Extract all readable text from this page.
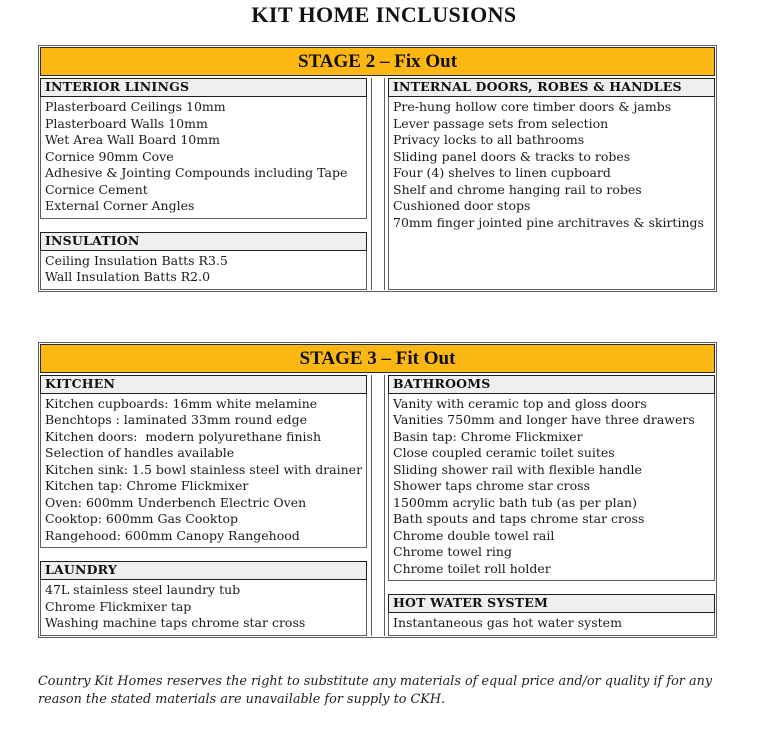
KIT HOME INCLUSIONS
STAGE 2 – Fix Out
INTERIOR LININGS
Plasterboard Ceilings 10mm
Plasterboard Walls 10mm
Wet Area Wall Board 10mm
Cornice 90mm Cove
Adhesive & Jointing Compounds including Tape
Cornice Cement
External Corner Angles
INSULATION
Ceiling Insulation Batts R3.5
Wall Insulation Batts R2.0
INTERNAL DOORS, ROBES & HANDLES
Pre-hung hollow core timber doors & jambs
Lever passage sets from selection
Privacy locks to all bathrooms
Sliding panel doors & tracks to robes
Four (4) shelves to linen cupboard
Shelf and chrome hanging rail to robes
Cushioned door stops
70mm finger jointed pine architraves & skirtings
STAGE 3 – Fit Out
KITCHEN
Kitchen cupboards: 16mm white melamine
Benchtops : laminated 33mm round edge
Kitchen doors:  modern polyurethane finish
Selection of handles available
Kitchen sink: 1.5 bowl stainless steel with drainer
Kitchen tap: Chrome Flickmixer
Oven: 600mm Underbench Electric Oven
Cooktop: 600mm Gas Cooktop
Rangehood: 600mm Canopy Rangehood
LAUNDRY
47L stainless steel laundry tub
Chrome Flickmixer tap
Washing machine taps chrome star cross
BATHROOMS
Vanity with ceramic top and gloss doors
Vanities 750mm and longer have three drawers
Basin tap: Chrome Flickmixer
Close coupled ceramic toilet suites
Sliding shower rail with flexible handle
Shower taps chrome star cross
1500mm acrylic bath tub (as per plan)
Bath spouts and taps chrome star cross
Chrome double towel rail
Chrome towel ring
Chrome toilet roll holder
HOT WATER SYSTEM
Instantaneous gas hot water system

Country Kit Homes reserves the right to substitute any materials of equal price and/or quality if for any reason the stated materials are unavailable for supply to CKH.
